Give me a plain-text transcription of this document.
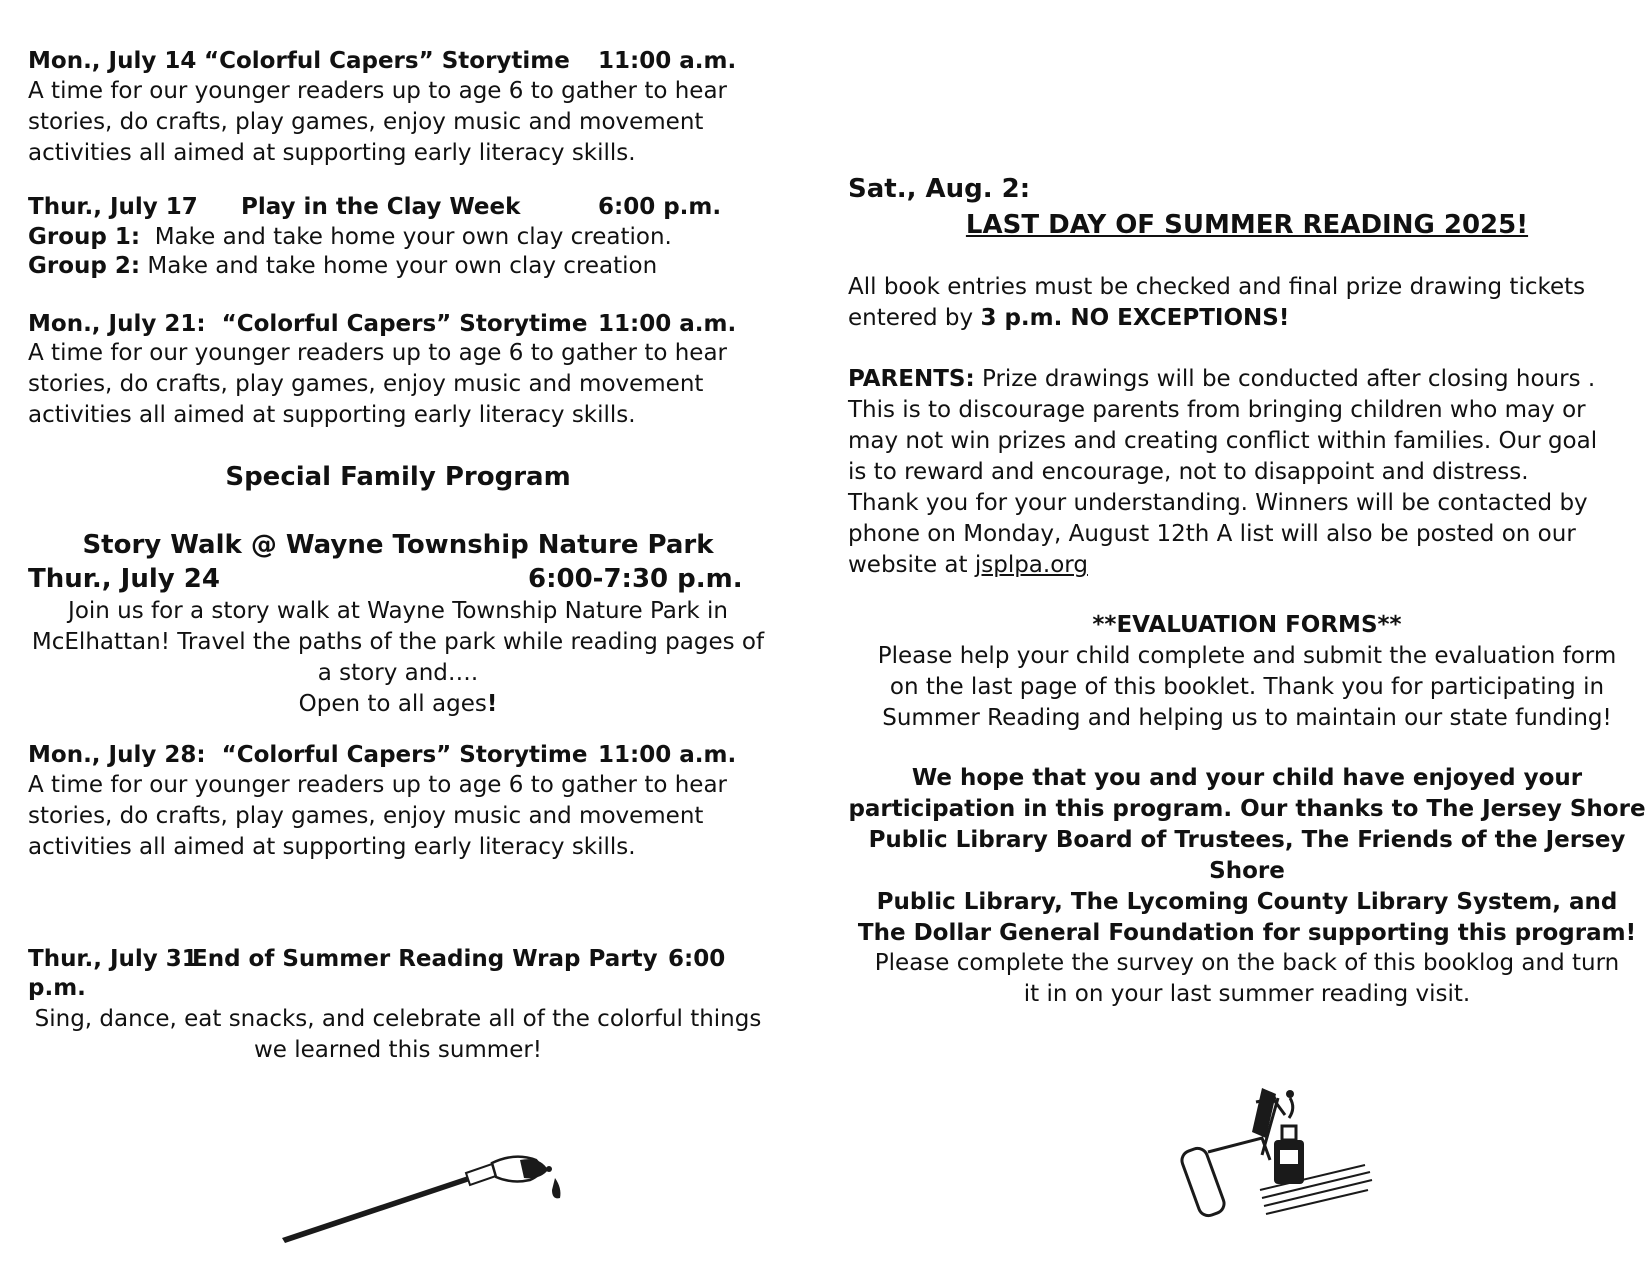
Mon., July 14 “Colorful Capers” Storytime 11:00 a.m.
A time for our younger readers up to age 6 to gather to hear
stories, do crafts, play games, enjoy music and movement
activities all aimed at supporting early literacy skills.
Thur., July 17 Play in the Clay Week	6:00 p.m.
Group 1:  Make and take home your own clay creation.
Group 2: Make and take home your own clay creation
Mon., July 21:  “Colorful Capers” Storytime 11:00 a.m.
A time for our younger readers up to age 6 to gather to hear
stories, do crafts, play games, enjoy music and movement
activities all aimed at supporting early literacy skills.
Special Family Program
Story Walk @ Wayne Township Nature Park
Thur., July 24	6:00-7:30 p.m.
Join us for a story walk at Wayne Township Nature Park in
McElhattan! Travel the paths of the park while reading pages of
a story and….
Open to all ages!
Mon., July 28:  “Colorful Capers” Storytime 11:00 a.m.
A time for our younger readers up to age 6 to gather to hear
stories, do crafts, play games, enjoy music and movement
activities all aimed at supporting early literacy skills.
Thur., July 31
End of Summer Reading Wrap Party 6:00
p.m.
Sing, dance, eat snacks, and celebrate all of the colorful things
we learned this summer!
Sat., Aug. 2:
LAST DAY OF SUMMER READING 2025!
All book entries must be checked and final prize drawing tickets
entered by 3 p.m. NO EXCEPTIONS!
PARENTS: Prize drawings will be conducted after closing hours .
This is to discourage parents from bringing children who may or
may not win prizes and creating conflict within families. Our goal
is to reward and encourage, not to disappoint and distress.
Thank you for your understanding. Winners will be contacted by
phone on Monday, August 12th A list will also be posted on our
website at jsplpa.org
**EVALUATION FORMS**
Please help your child complete and submit the evaluation form
on the last page of this booklet. Thank you for participating in
Summer Reading and helping us to maintain our state funding!
We hope that you and your child have enjoyed your
participation in this program. Our thanks to The Jersey Shore
Public Library Board of Trustees, The Friends of the Jersey Shore
Public Library, The Lycoming County Library System, and
The Dollar General Foundation for supporting this program!
Please complete the survey on the back of this booklog and turn
it in on your last summer reading visit.
